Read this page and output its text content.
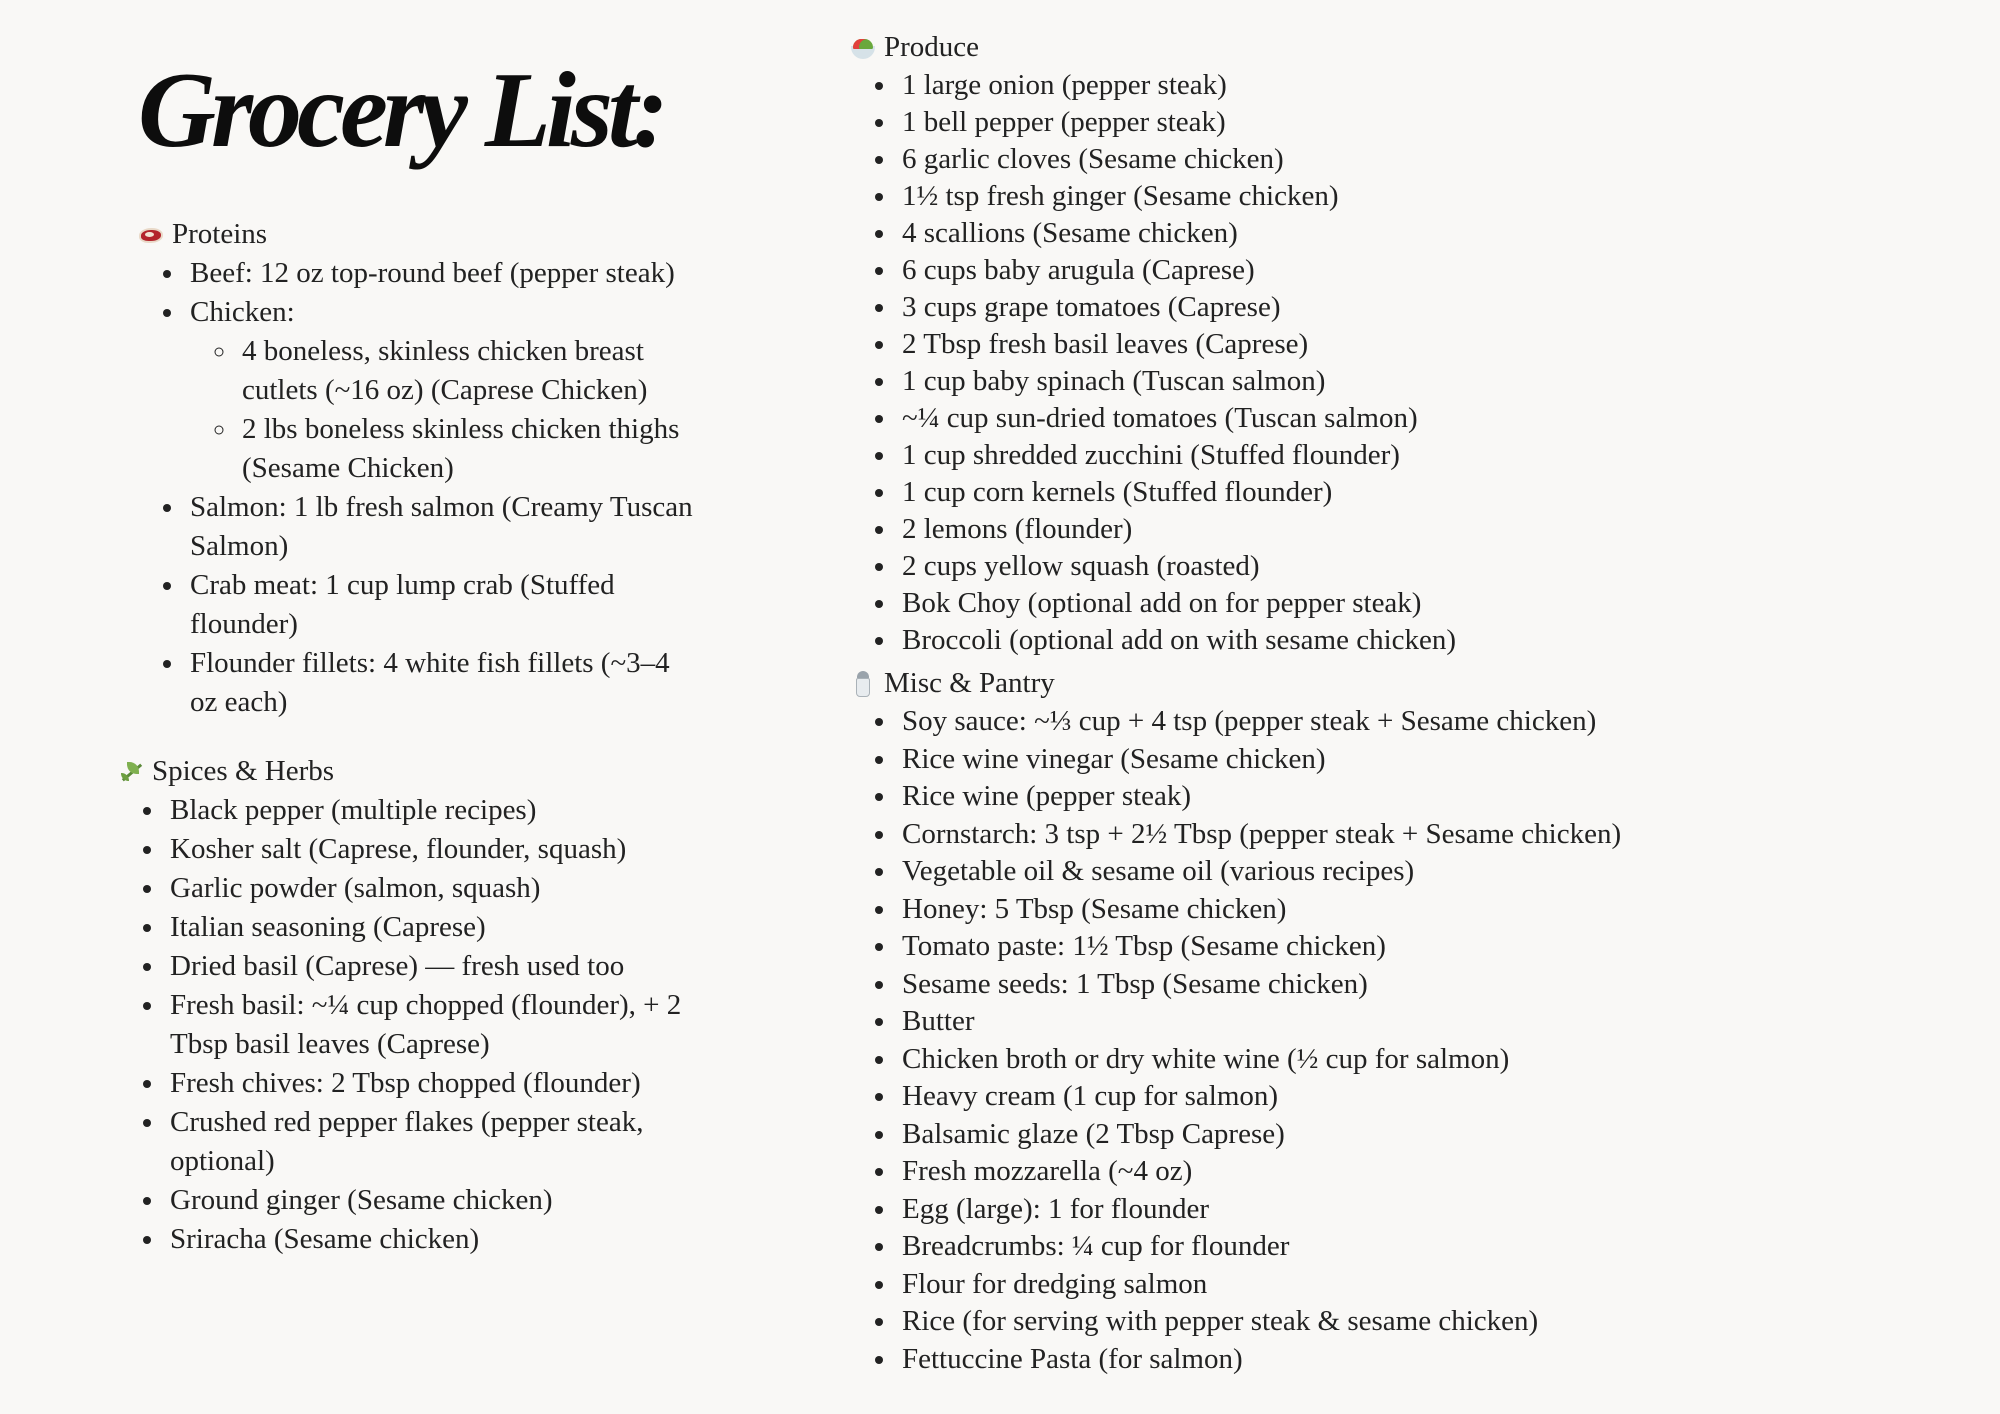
Grocery List:
Proteins
• Beef: 12 oz top-round beef (pepper steak)
• Chicken:
◦ 4 boneless, skinless chicken breast cutlets (~16 oz) (Caprese Chicken)
◦ 2 lbs boneless skinless chicken thighs (Sesame Chicken)
• Salmon: 1 lb fresh salmon (Creamy Tuscan Salmon)
• Crab meat: 1 cup lump crab (Stuffed flounder)
• Flounder fillets: 4 white fish fillets (~3–4 oz each)
Spices & Herbs
• Black pepper (multiple recipes)
• Kosher salt (Caprese, flounder, squash)
• Garlic powder (salmon, squash)
• Italian seasoning (Caprese)
• Dried basil (Caprese) — fresh used too
• Fresh basil: ~¼ cup chopped (flounder), + 2 Tbsp basil leaves (Caprese)
• Fresh chives: 2 Tbsp chopped (flounder)
• Crushed red pepper flakes (pepper steak, optional)
• Ground ginger (Sesame chicken)
• Sriracha (Sesame chicken)
Produce
• 1 large onion (pepper steak)
• 1 bell pepper (pepper steak)
• 6 garlic cloves (Sesame chicken)
• 1½ tsp fresh ginger (Sesame chicken)
• 4 scallions (Sesame chicken)
• 6 cups baby arugula (Caprese)
• 3 cups grape tomatoes (Caprese)
• 2 Tbsp fresh basil leaves (Caprese)
• 1 cup baby spinach (Tuscan salmon)
• ~¼ cup sun-dried tomatoes (Tuscan salmon)
• 1 cup shredded zucchini (Stuffed flounder)
• 1 cup corn kernels (Stuffed flounder)
• 2 lemons (flounder)
• 2 cups yellow squash (roasted)
• Bok Choy (optional add on for pepper steak)
• Broccoli (optional add on with sesame chicken)
Misc & Pantry
• Soy sauce: ~⅓ cup + 4 tsp (pepper steak + Sesame chicken)
• Rice wine vinegar (Sesame chicken)
• Rice wine (pepper steak)
• Cornstarch: 3 tsp + 2½ Tbsp (pepper steak + Sesame chicken)
• Vegetable oil & sesame oil (various recipes)
• Honey: 5 Tbsp (Sesame chicken)
• Tomato paste: 1½ Tbsp (Sesame chicken)
• Sesame seeds: 1 Tbsp (Sesame chicken)
• Butter
• Chicken broth or dry white wine (½ cup for salmon)
• Heavy cream (1 cup for salmon)
• Balsamic glaze (2 Tbsp Caprese)
• Fresh mozzarella (~4 oz)
• Egg (large): 1 for flounder
• Breadcrumbs: ¼ cup for flounder
• Flour for dredging salmon
• Rice (for serving with pepper steak & sesame chicken)
• Fettuccine Pasta (for salmon)
